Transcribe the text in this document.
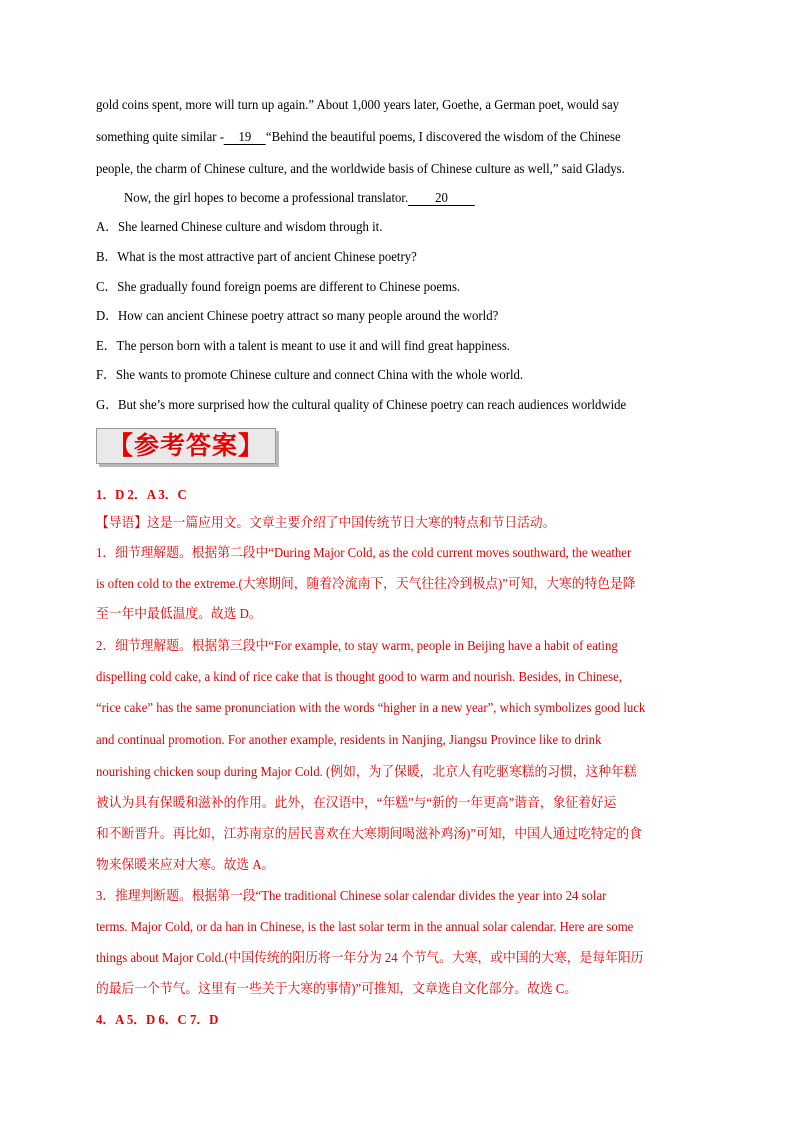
gold coins spent, more will turn up again.” About 1,000 years later, Goethe, a German poet, would say
something quite similar - 19 “Behind the beautiful poems, I discovered the wisdom of the Chinese
people, the charm of Chinese culture, and the worldwide basis of Chinese culture as well,” said Gladys.
Now, the girl hopes to become a professional translator. 20
A．She learned Chinese culture and wisdom through it.
B．What is the most attractive part of ancient Chinese poetry?
C．She gradually found foreign poems are different to Chinese poems.
D．How can ancient Chinese poetry attract so many people around the world?
E．The person born with a talent is meant to use it and will find great happiness.
F．She wants to promote Chinese culture and connect China with the whole world.
G．But she’s more surprised how the cultural quality of Chinese poetry can reach audiences worldwide
【参考答案】
1．D 2．A 3．C
【导语】这是一篇应用文。文章主要介绍了中国传统节日大寒的特点和节日活动。
1．细节理解题。根据第二段中“During Major Cold, as the cold current moves southward, the weather
is often cold to the extreme.(大寒期间，随着冷流南下，天气往往冷到极点)”可知，大寒的特色是降
至一年中最低温度。故选 D。
2．细节理解题。根据第三段中“For example, to stay warm, people in Beijing have a habit of eating
dispelling cold cake, a kind of rice cake that is thought good to warm and nourish. Besides, in Chinese,
“rice cake” has the same pronunciation with the words “higher in a new year”, which symbolizes good luck
and continual promotion. For another example, residents in Nanjing, Jiangsu Province like to drink
nourishing chicken soup during Major Cold. (例如，为了保暖，北京人有吃驱寒糕的习惯，这种年糕
被认为具有保暖和滋补的作用。此外，在汉语中，“年糕”与“新的一年更高”谐音，象征着好运
和不断晋升。再比如，江苏南京的居民喜欢在大寒期间喝滋补鸡汤)”可知，中国人通过吃特定的食
物来保暖来应对大寒。故选 A。
3．推理判断题。根据第一段“The traditional Chinese solar calendar divides the year into 24 solar
terms. Major Cold, or da han in Chinese, is the last solar term in the annual solar calendar. Here are some
things about Major Cold.(中国传统的阳历将一年分为 24 个节气。大寒，或中国的大寒，是每年阳历
的最后一个节气。这里有一些关于大寒的事情)”可推知，文章选自文化部分。故选 C。
4．A 5．D 6．C 7．D
